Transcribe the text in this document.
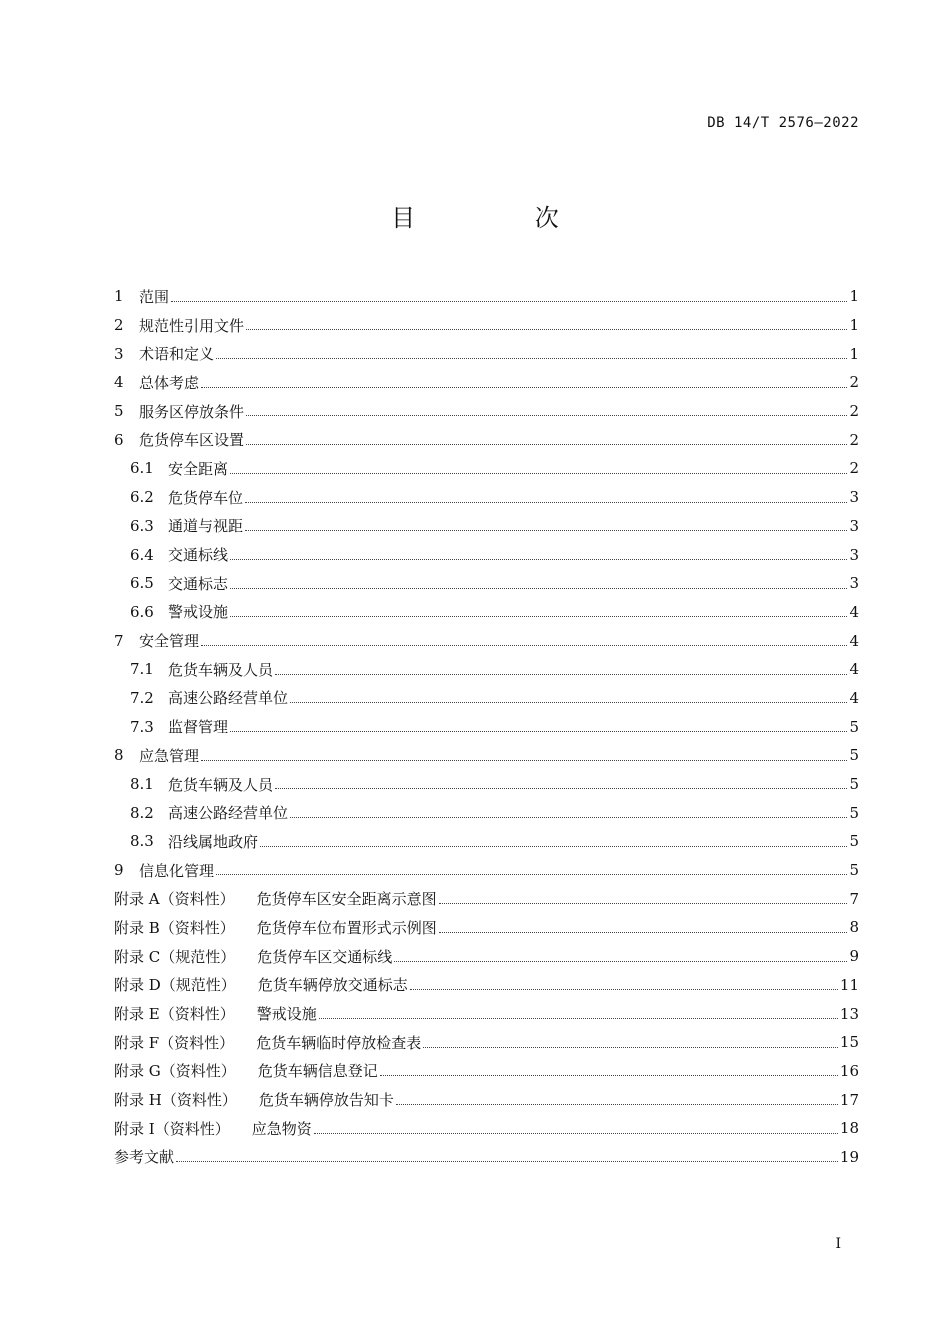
DB 14/T 2576—2022
目 次
1	范围	1
2	规范性引用文件	1
3	术语和定义	1
4	总体考虑	2
5	服务区停放条件	2
6	危货停车区设置	2
6.1 安全距离	2
6.2 危货停车位	3
6.3 通道与视距	3
6.4 交通标线	3
6.5 交通标志	3
6.6 警戒设施	4
7	安全管理	4
7.1 危货车辆及人员	4
7.2 高速公路经营单位	4
7.3 监督管理	5
8	应急管理	5
8.1 危货车辆及人员	5
8.2 高速公路经营单位	5
8.3 沿线属地政府	5
9	信息化管理	5
附录 A（资料性） 危货停车区安全距离示意图	7
附录 B（资料性） 危货停车位布置形式示例图	8
附录 C（规范性） 危货停车区交通标线	9
附录 D（规范性） 危货车辆停放交通标志	11
附录 E（资料性） 警戒设施	13
附录 F（资料性） 危货车辆临时停放检查表	15
附录 G（资料性） 危货车辆信息登记	16
附录 H（资料性） 危货车辆停放告知卡	17
附录 I（资料性） 应急物资	18
参考文献	19
I
